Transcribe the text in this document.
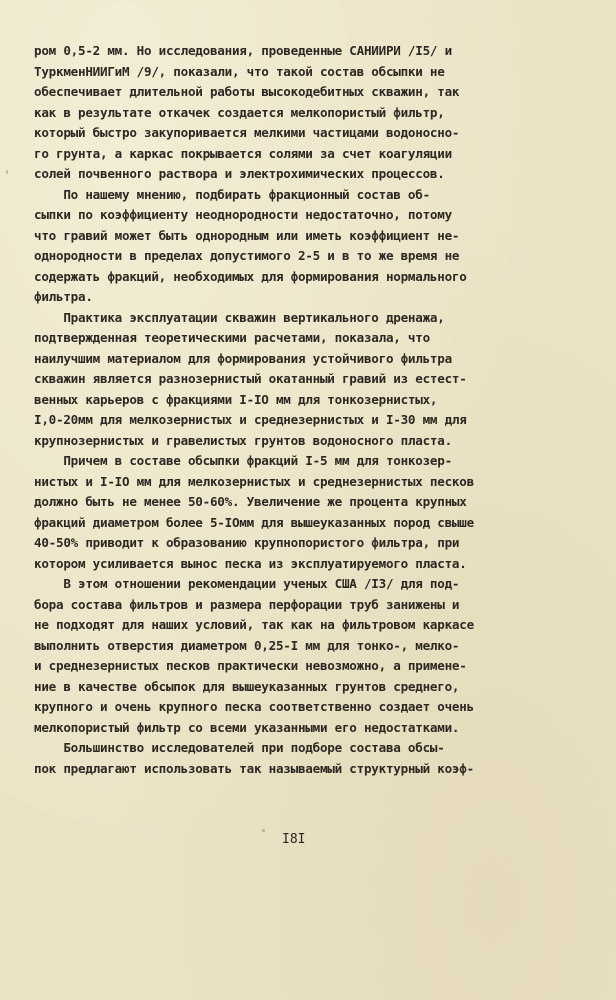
ром 0,5-2 мм. Но исследования, проведенные САНИИРИ /I5/ и
ТуркменНИИГиМ /9/, показали, что такой состав обсыпки не
обеспечивает длительной работы высокодебитных скважин, так
как в результате откачек создается мелкопористый фильтр,
который быстро закупоривается мелкими частицами водоносно-
го грунта, а каркас покрывается солями за счет коагуляции
солей почвенного раствора и электрохимических процессов.
По нашему мнению, подбирать фракционный состав об-
сыпки по коэффициенту неоднородности недостаточно, потому
что гравий может быть однородным или иметь коэффициент не-
однородности в пределах допустимого 2-5 и в то же время не
содержать фракций, необходимых для формирования нормального
фильтра.
Практика эксплуатации скважин вертикального дренажа,
подтвержденная теоретическими расчетами, показала, что
наилучшим материалом для формирования устойчивого фильтра
скважин является разнозернистый окатанный гравий из естест-
венных карьеров с фракциями I-IO мм для тонкозернистых,
I,0-20мм для мелкозернистых и среднезернистых и I-30 мм для
крупнозернистых и гравелистых грунтов водоносного пласта.
Причем в составе обсыпки фракций I-5 мм для тонкозер-
нистых и I-IO мм для мелкозернистых и среднезернистых песков
должно быть не менее 50-60%. Увеличение же процента крупных
фракций диаметром более 5-IOмм для вышеуказанных пород свыше
40-50% приводит к образованию крупнопористого фильтра, при
котором усиливается вынос песка из эксплуатируемого пласта.
В этом отношении рекомендации ученых США /I3/ для под-
бора состава фильтров и размера перфорации труб занижены и
не подходят для наших условий, так как на фильтровом каркасе
выполнить отверстия диаметром 0,25-I мм для тонко-, мелко-
и среднезернистых песков практически невозможно, а примене-
ние в качестве обсыпок для вышеуказанных грунтов среднего,
крупного и очень крупного песка соответственно создает очень
мелкопористый фильтр со всеми указанными его недостатками.
Большинство исследователей при подборе состава обсы-
пок предлагают использовать так называемый структурный коэф-
I8I
